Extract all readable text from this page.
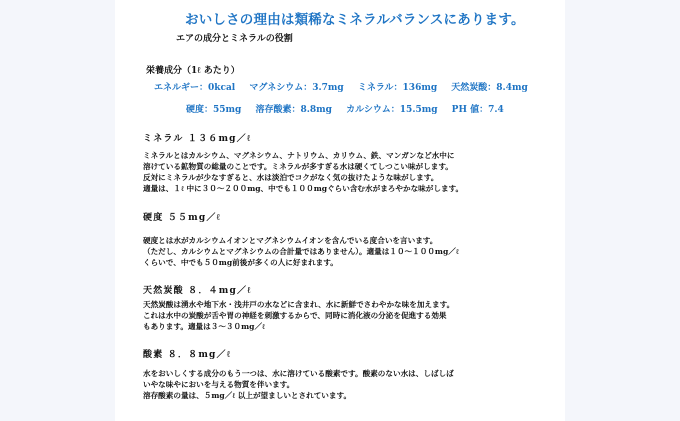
おいしさの理由は類稀なミネラルバランスにあります。
エアの成分とミネラルの役割
栄養成分（1ℓ あたり）
エネルギー：0kcal マグネシウム：3.7mg ミネラル：136mg 天然炭酸：8.4mg
硬度：55mg 溶存酸素：8.8mg カルシウム：15.5mg PH 値：7.4
ミネラル １３６mg／ℓ
ミネラルとはカルシウム、マグネシウム、ナトリウム、カリウム、鉄、マンガンなど水中に
溶けている鉱物質の総量のことです。ミネラルが多すぎる水は硬くてしつこい味がします。
反対にミネラルが少なすぎると、水は淡泊でコクがなく気の抜けたような味がします。
適量は、１ℓ 中に３０～２００mg、中でも１００mgぐらい含む水がまろやかな味がします。
硬度 ５５mg／ℓ
硬度とは水がカルシウムイオンとマグネシウムイオンを含んでいる度合いを言います。
（ただし、カルシウムとマグネシウムの合計量ではありません）。適量は１０～１００mg／ℓ
くらいで、中でも５０mg前後が多くの人に好まれます。
天然炭酸 ８．４mg／ℓ
天然炭酸は湧水や地下水・浅井戸の水などに含まれ、水に新鮮でさわやかな味を加えます。
これは水中の炭酸が舌や胃の神経を刺激するからで、同時に消化液の分泌を促進する効果
もあります。適量は３～３０mg／ℓ
酸素 ８．８mg／ℓ
水をおいしくする成分のもう一つは、水に溶けている酸素です。酸素のない水は、しばしば
いやな味やにおいを与える物質を伴います。
溶存酸素の量は、５mg／ℓ 以上が望ましいとされています。
